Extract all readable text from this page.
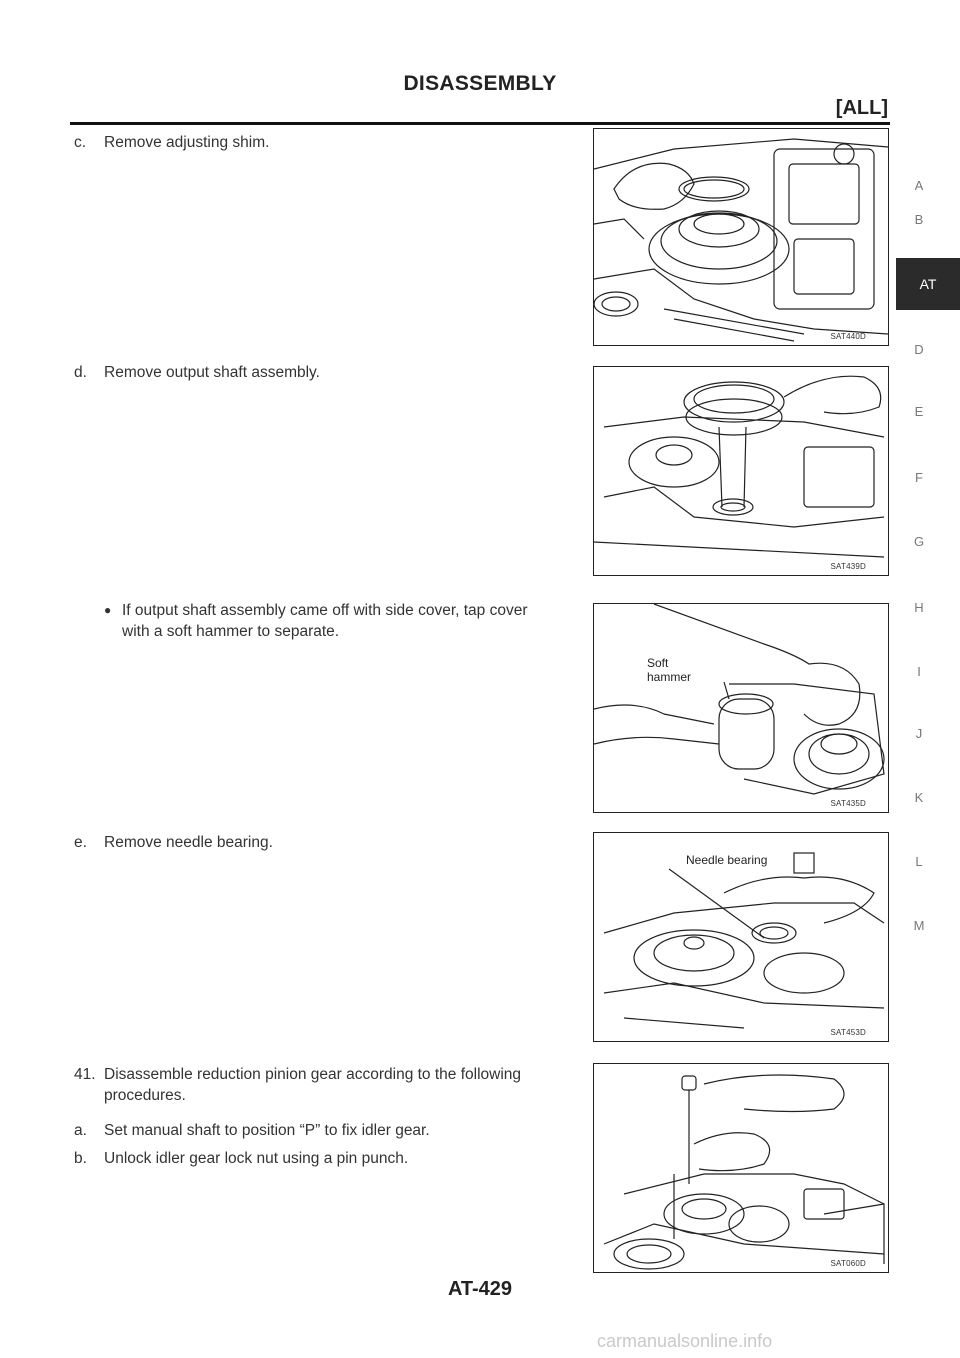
DISASSEMBLY
[ALL]
c. Remove adjusting shim.
SAT440D
d. Remove output shaft assembly.
SAT439D
● If output shaft assembly came off with side cover, tap cover
with a soft hammer to separate.
Soft
hammer
SAT435D
e. Remove needle bearing.
Needle bearing
SAT453D
41. Disassemble reduction pinion gear according to the following
procedures.
a. Set manual shaft to position “P” to fix idler gear.
b. Unlock idler gear lock nut using a pin punch.
SAT060D
A
B
AT
D
E
F
G
H
I
J
K
L
M
AT-429
carmanualsonline.info
